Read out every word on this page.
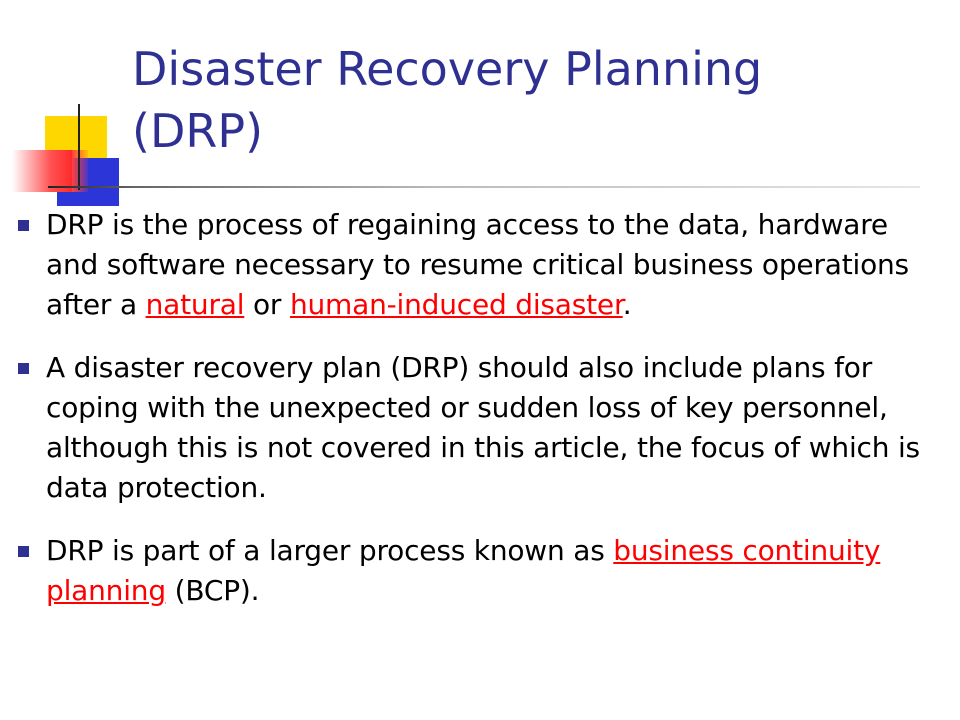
Disaster Recovery Planning
(DRP)
DRP is the process of regaining access to the data, hardware and software necessary to resume critical business operations after a natural or human-induced disaster.
A disaster recovery plan (DRP) should also include plans for coping with the unexpected or sudden loss of key personnel, although this is not covered in this article, the focus of which is data protection.
DRP is part of a larger process known as business continuity planning (BCP).
